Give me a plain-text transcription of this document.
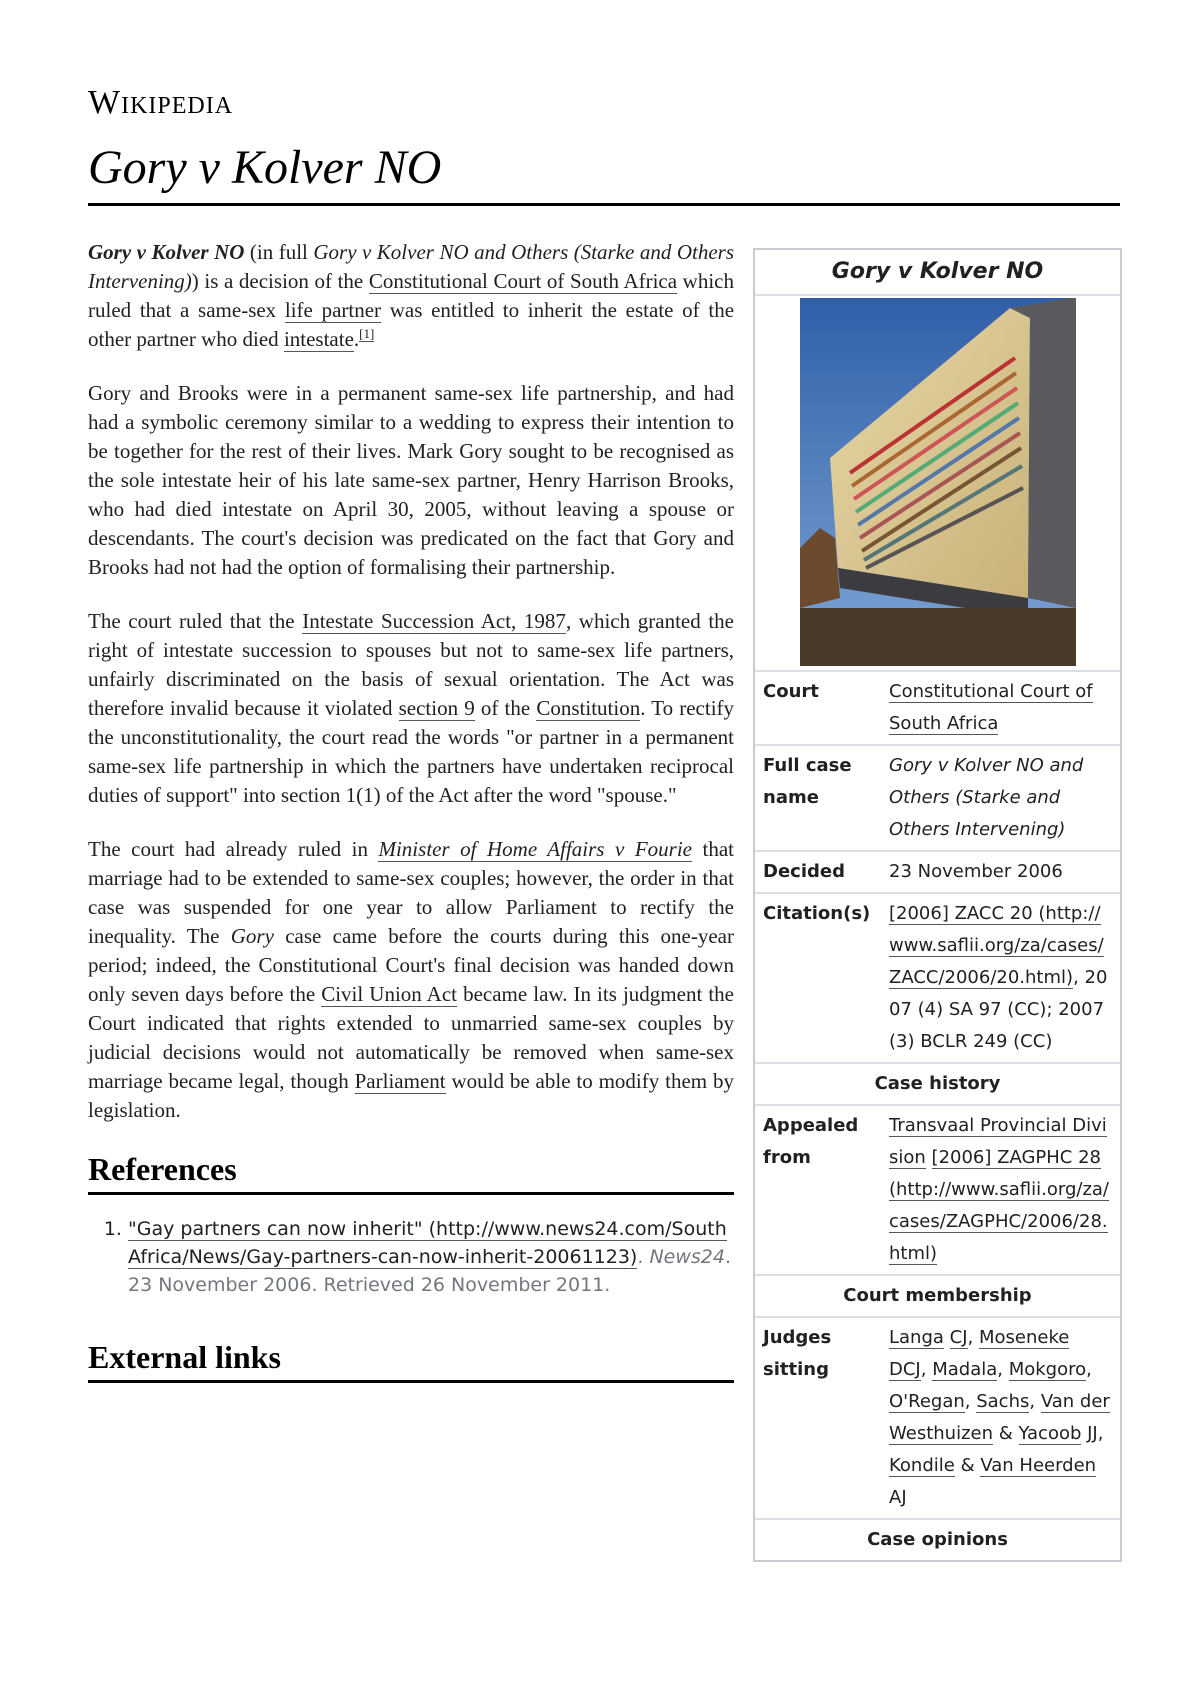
Wikipedia
Gory v Kolver NO

Gory v Kolver NO (in full Gory v Kolver NO and Others (Starke and Others Intervening)) is a decision of the Constitutional Court of South Africa which ruled that a same-sex life partner was entitled to inherit the estate of the other partner who died intestate.[1]

Gory and Brooks were in a permanent same-sex life partnership, and had had a symbolic ceremony similar to a wedding to express their intention to be together for the rest of their lives. Mark Gory sought to be recognised as the sole intestate heir of his late same-sex partner, Henry Harrison Brooks, who had died intestate on April 30, 2005, without leaving a spouse or descendants. The court's decision was predicated on the fact that Gory and Brooks had not had the option of formalising their partnership.

The court ruled that the Intestate Succession Act, 1987, which granted the right of intestate succession to spouses but not to same-sex life partners, unfairly discriminated on the basis of sexual orientation. The Act was therefore invalid because it violated section 9 of the Constitution. To rectify the unconstitutionality, the court read the words "or partner in a permanent same-sex life partnership in which the partners have undertaken reciprocal duties of support" into section 1(1) of the Act after the word "spouse."

The court had already ruled in Minister of Home Affairs v Fourie that marriage had to be extended to same-sex couples; however, the order in that case was suspended for one year to allow Parliament to rectify the inequality. The Gory case came before the courts during this one-year period; indeed, the Constitutional Court's final decision was handed down only seven days before the Civil Union Act became law. In its judgment the Court indicated that rights extended to unmarried same-sex couples by judicial decisions would not automatically be removed when same-sex marriage became legal, though Parliament would be able to modify them by legislation.

References
1. "Gay partners can now inherit" (http://www.news24.com/SouthAfrica/News/Gay-partners-can-now-inherit-20061123). News24. 23 November 2006. Retrieved 26 November 2011.
External links
Gory v Kolver NO	

Court	Constitutional Court of South Africa
Full case name	Gory v Kolver NO and Others (Starke and Others Intervening)
Decided	23 November 2006
Citation(s)	[2006] ZACC 20 (http://www.saflii.org/za/cases/ZACC/2006/20.html), 2007 (4) SA 97 (CC); 2007 (3) BCLR 249 (CC)
Case history	
Appealed from	Transvaal Provincial Division [2006] ZAGPHC 28 (http://www.saflii.org/za/cases/ZAGPHC/2006/28.html)
Court membership	
Judges sitting	Langa CJ, Moseneke DCJ, Madala, Mokgoro, O'Regan, Sachs, Van der Westhuizen & Yacoob JJ, Kondile & Van Heerden AJ
Case opinions	
